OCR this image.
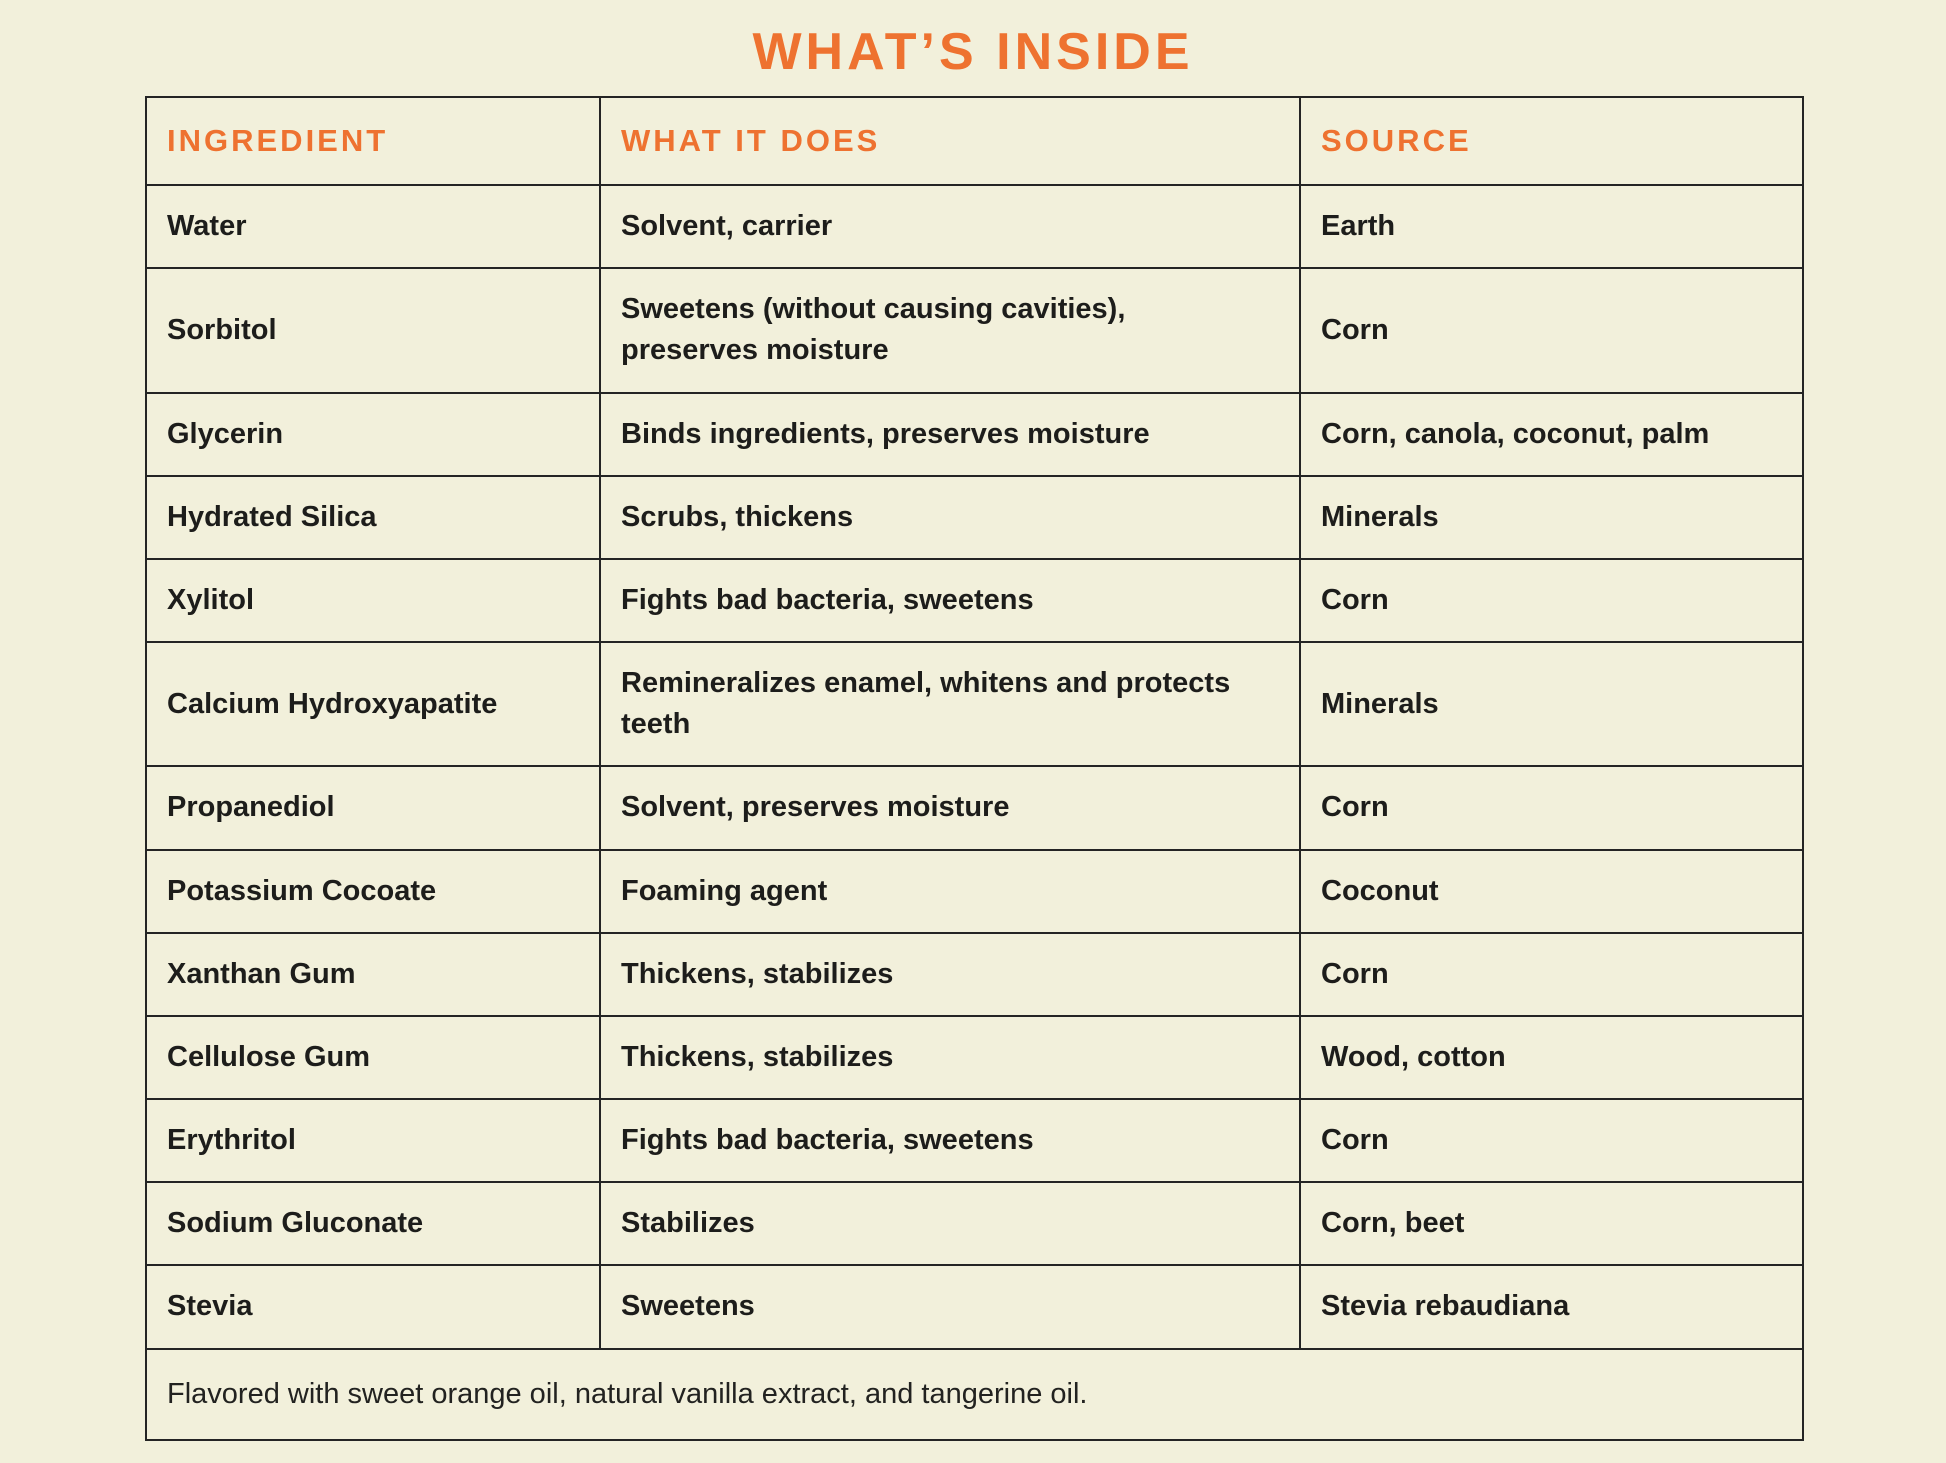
WHAT’S INSIDE
INGREDIENT	WHAT IT DOES	SOURCE
Water	Solvent, carrier	Earth
Sorbitol	Sweetens (without causing cavities), preserves moisture	Corn
Glycerin	Binds ingredients, preserves moisture	Corn, canola, coconut, palm
Hydrated Silica	Scrubs, thickens	Minerals
Xylitol	Fights bad bacteria, sweetens	Corn
Calcium Hydroxyapatite	Remineralizes enamel, whitens and protects teeth	Minerals
Propanediol	Solvent, preserves moisture	Corn
Potassium Cocoate	Foaming agent	Coconut
Xanthan Gum	Thickens, stabilizes	Corn
Cellulose Gum	Thickens, stabilizes	Wood, cotton
Erythritol	Fights bad bacteria, sweetens	Corn
Sodium Gluconate	Stabilizes	Corn, beet
Stevia	Sweetens	Stevia rebaudiana
Flavored with sweet orange oil, natural vanilla extract, and tangerine oil.		
